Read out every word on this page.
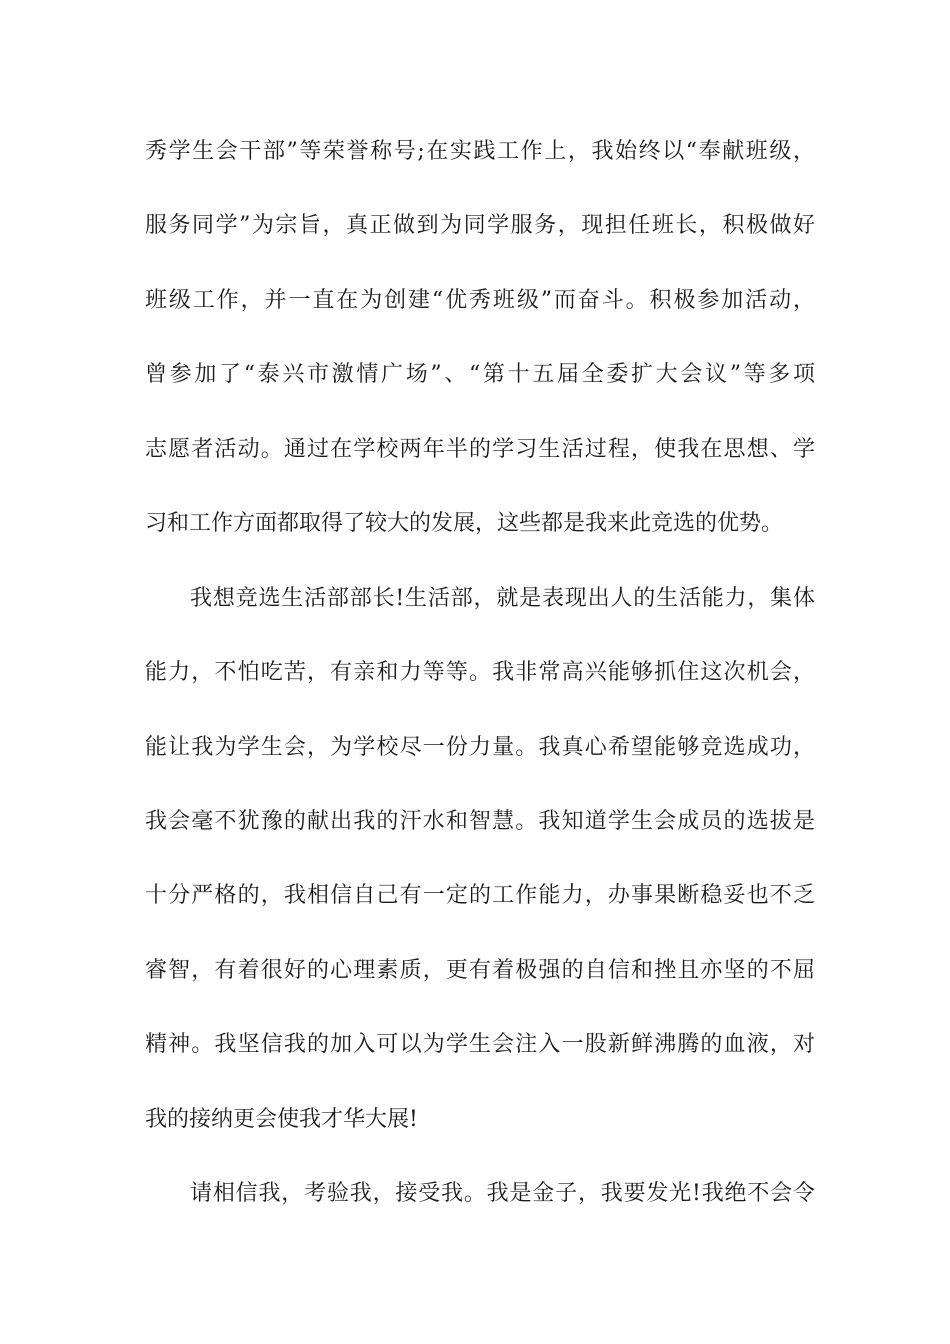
秀学生会干部”等荣誉称号;在实践工作上，我始终以“奉献班级，
服务同学”为宗旨，真正做到为同学服务，现担任班长，积极做好
班级工作，并一直在为创建“优秀班级”而奋斗。积极参加活动，
曾参加了“泰兴市激情广场”、“第十五届全委扩大会议”等多项
志愿者活动。通过在学校两年半的学习生活过程，使我在思想、学
习和工作方面都取得了较大的发展，这些都是我来此竞选的优势。
我想竞选生活部部长!生活部，就是表现出人的生活能力，集体
能力，不怕吃苦，有亲和力等等。我非常高兴能够抓住这次机会，
能让我为学生会，为学校尽一份力量。我真心希望能够竞选成功，
我会毫不犹豫的献出我的汗水和智慧。我知道学生会成员的选拔是
十分严格的，我相信自己有一定的工作能力，办事果断稳妥也不乏
睿智，有着很好的心理素质，更有着极强的自信和挫且亦坚的不屈
精神。我坚信我的加入可以为学生会注入一股新鲜沸腾的血液，对
我的接纳更会使我才华大展!
请相信我，考验我，接受我。我是金子，我要发光!我绝不会令
